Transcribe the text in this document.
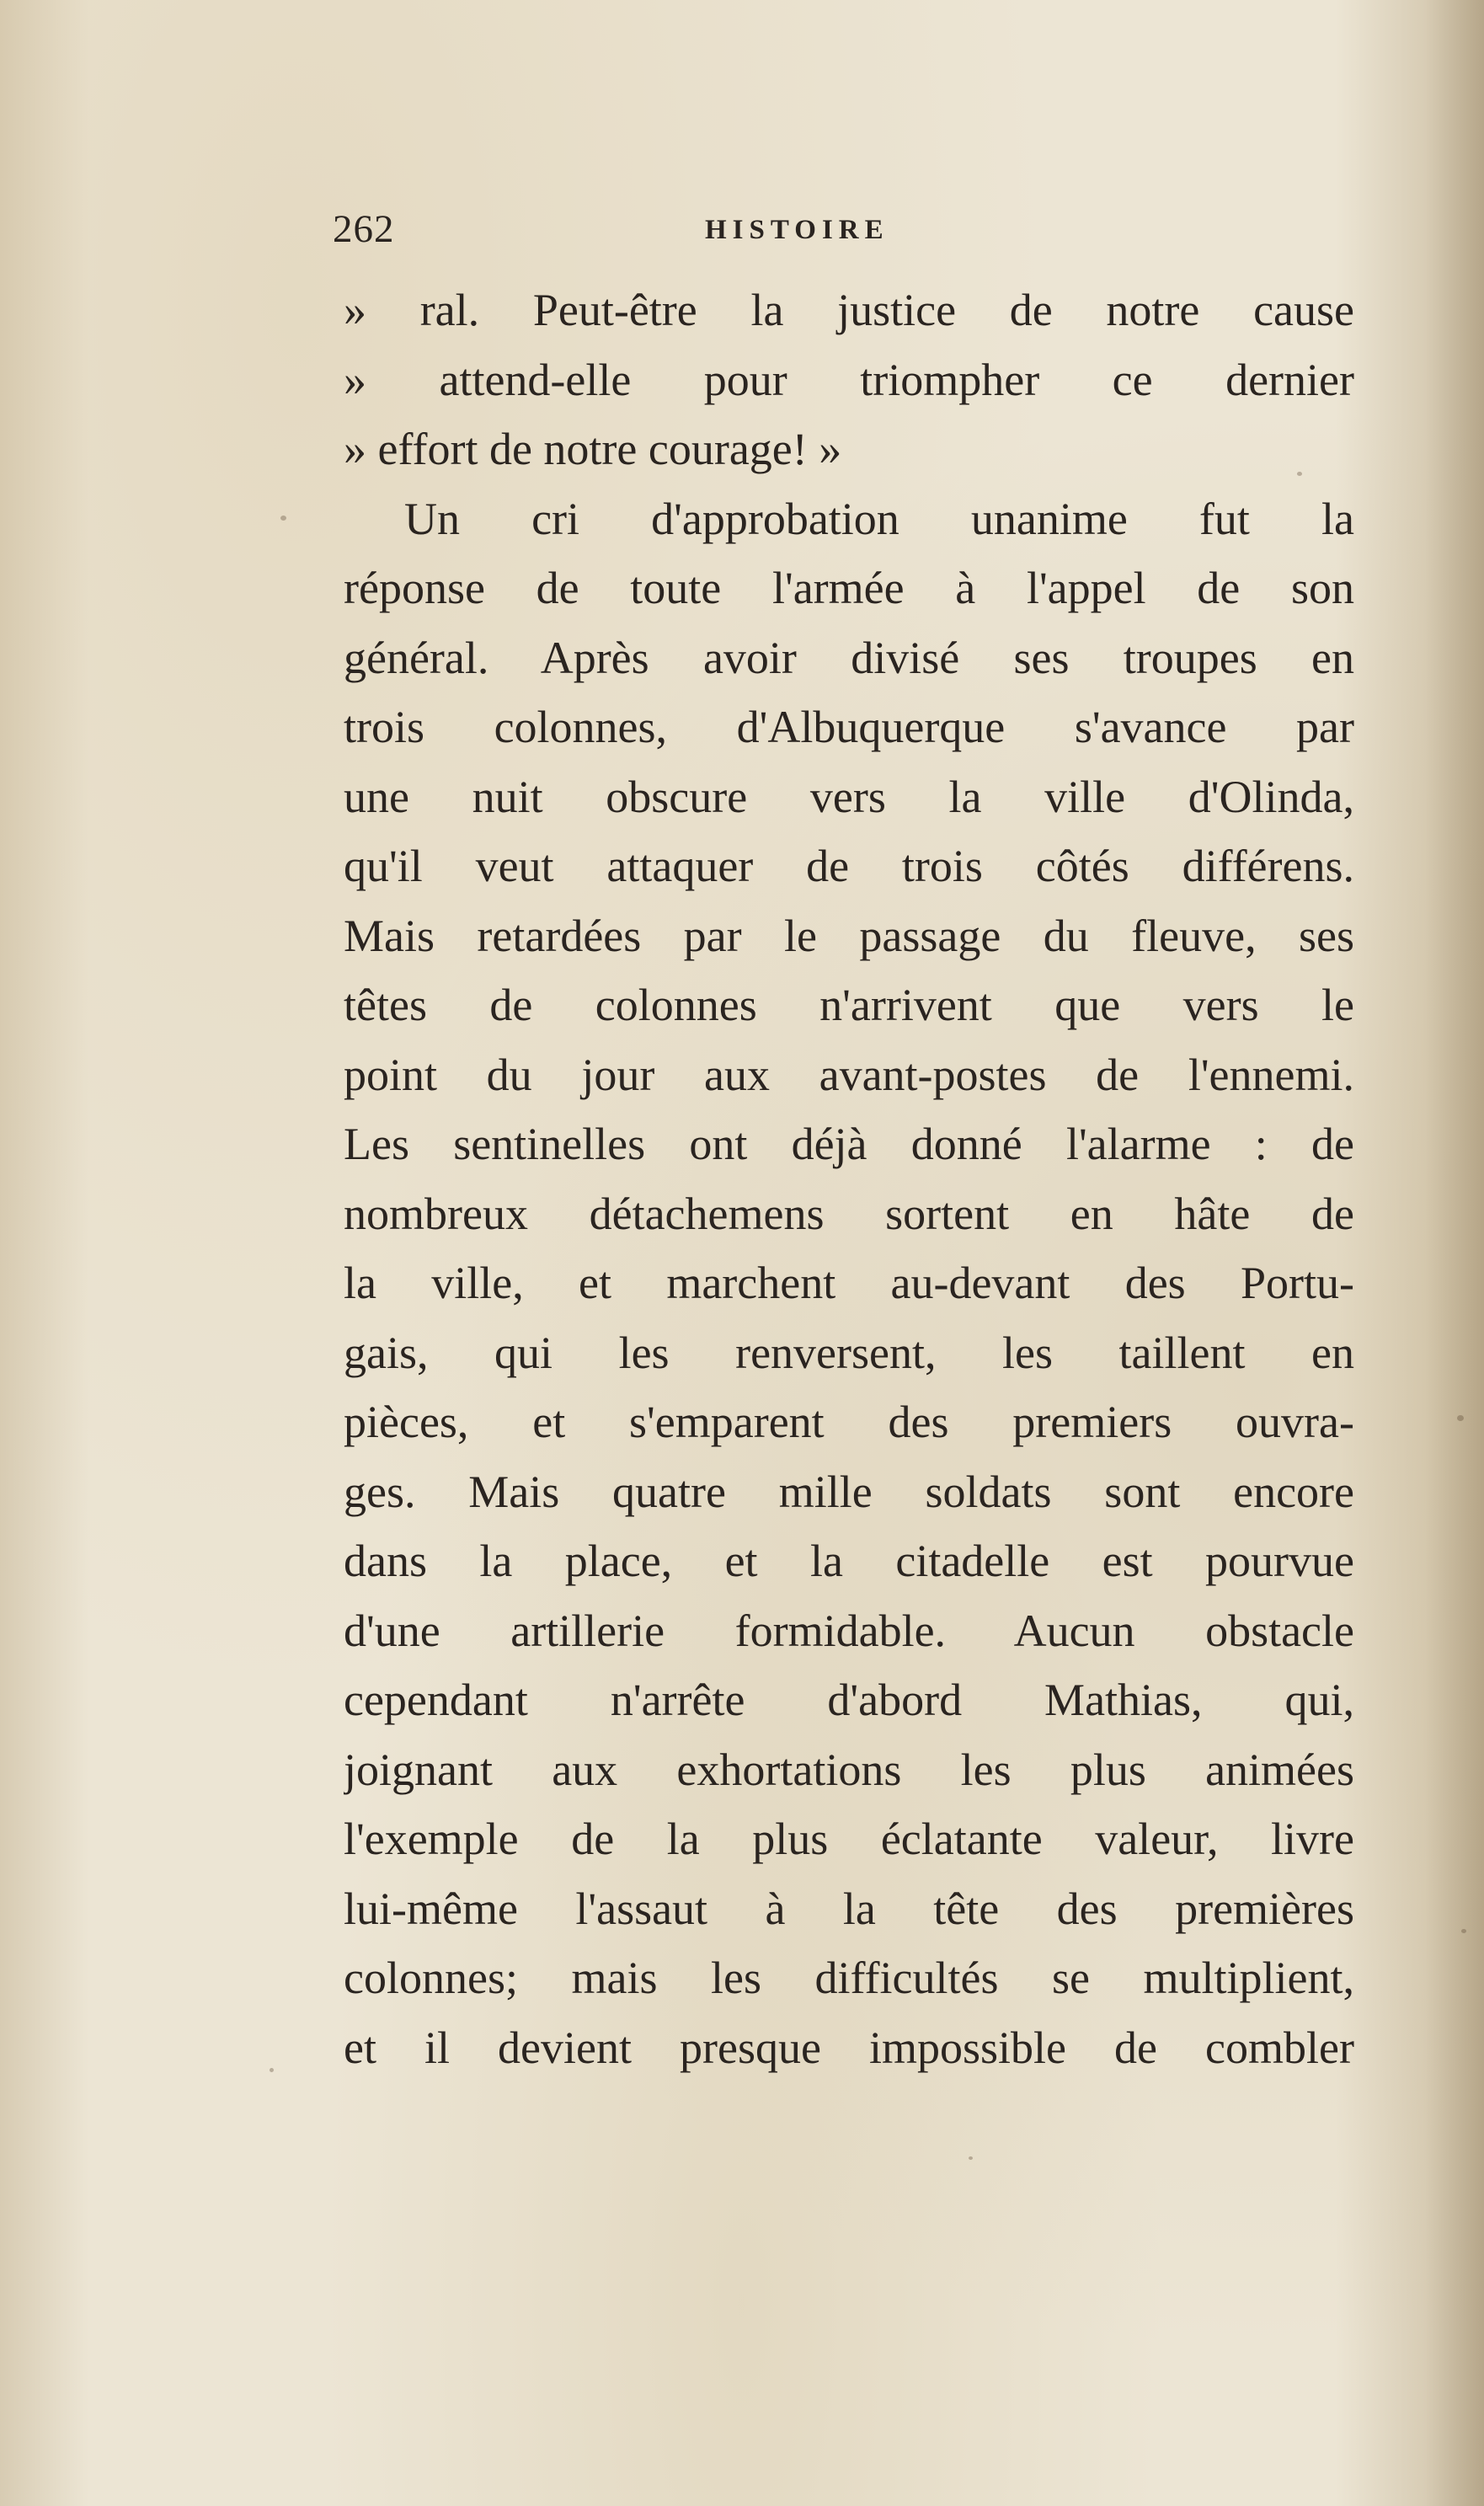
262	HISTOIRE
» ral. Peut-être la justice de notre cause
» attend-elle pour triompher ce dernier
» effort de notre courage! »
Un cri d'approbation unanime fut la
réponse de toute l'armée à l'appel de son
général. Après avoir divisé ses troupes en
trois colonnes, d'Albuquerque s'avance par
une nuit obscure vers la ville d'Olinda,
qu'il veut attaquer de trois côtés différens.
Mais retardées par le passage du fleuve, ses
têtes de colonnes n'arrivent que vers le
point du jour aux avant-postes de l'ennemi.
Les sentinelles ont déjà donné l'alarme : de
nombreux détachemens sortent en hâte de
la ville, et marchent au-devant des Portu-
gais, qui les renversent, les taillent en
pièces, et s'emparent des premiers ouvra-
ges. Mais quatre mille soldats sont encore
dans la place, et la citadelle est pourvue
d'une artillerie formidable. Aucun obstacle
cependant n'arrête d'abord Mathias, qui,
joignant aux exhortations les plus animées
l'exemple de la plus éclatante valeur, livre
lui-même l'assaut à la tête des premières
colonnes; mais les difficultés se multiplient,
et il devient presque impossible de combler
